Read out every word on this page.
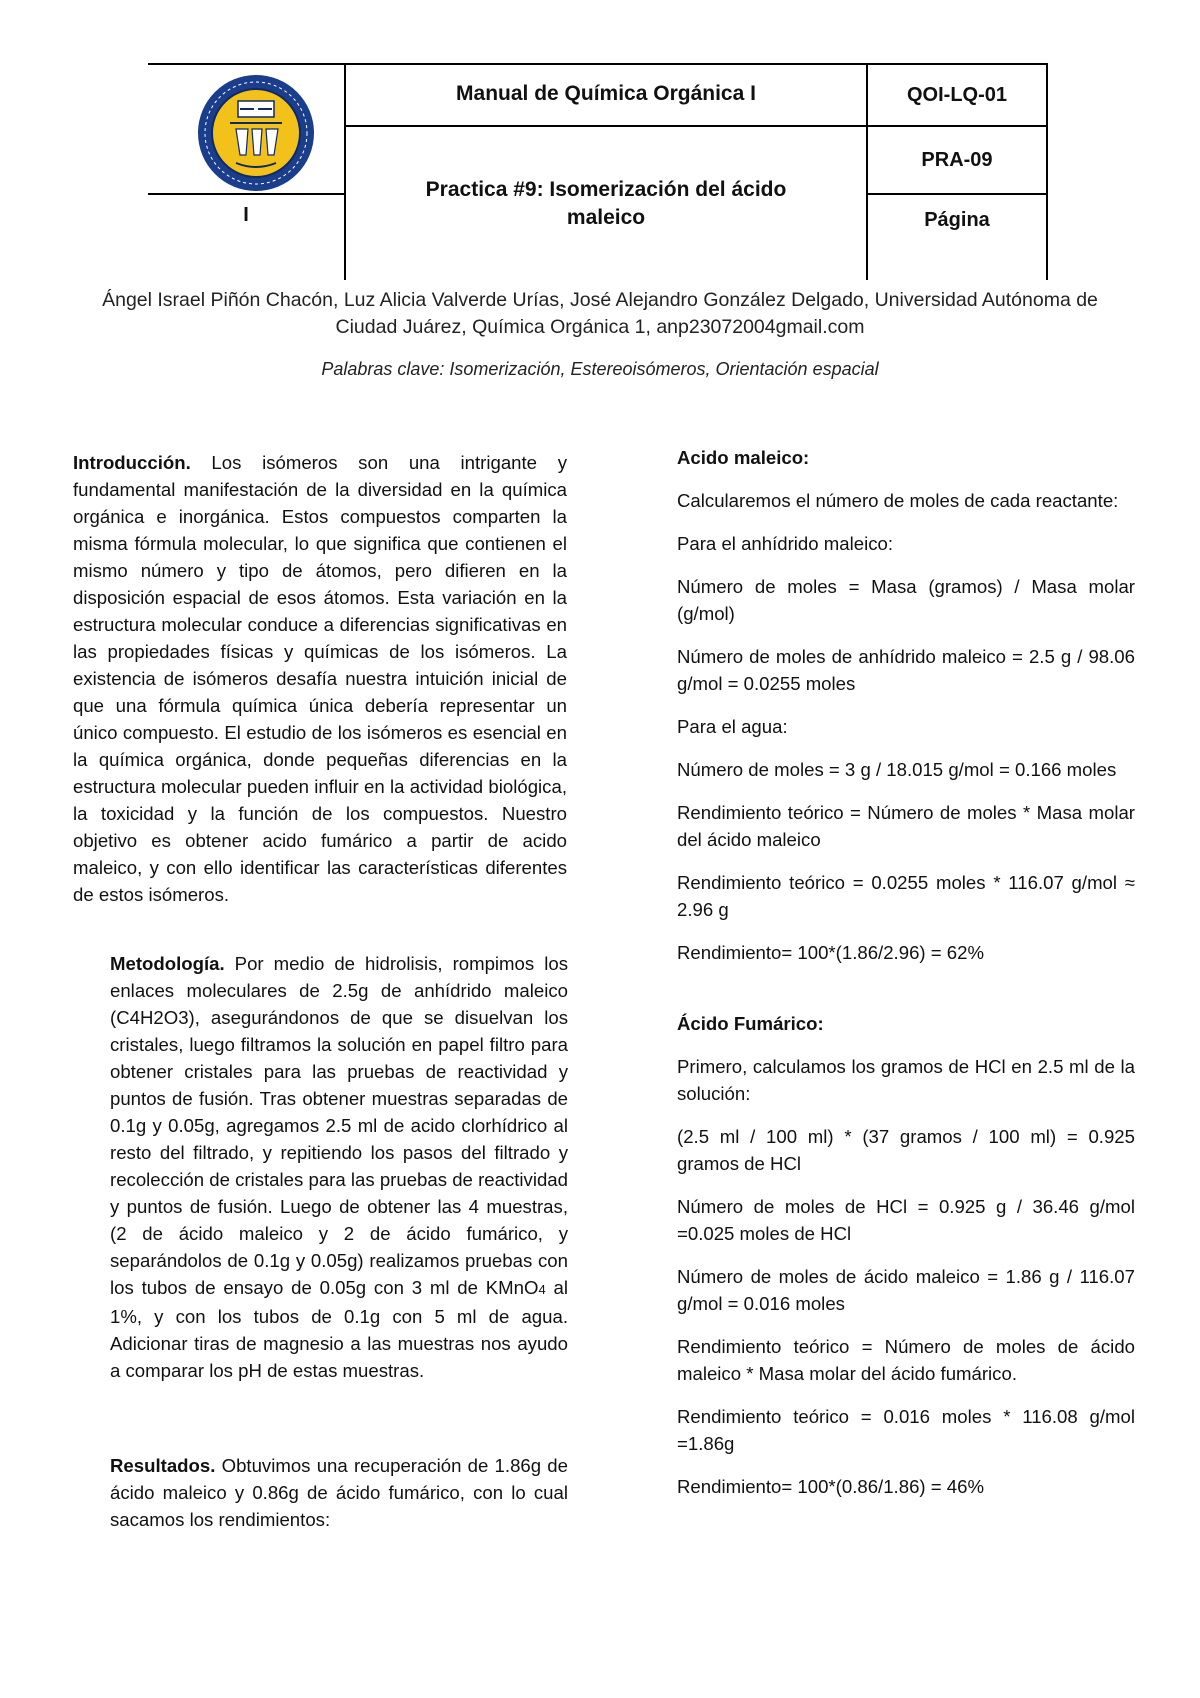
I
Manual de Química Orgánica I	QOI-LQ-01
Practica #9: Isomerización del ácido maleico
PRA-09
Página
Ángel Israel Piñón Chacón, Luz Alicia Valverde Urías, José Alejandro González Delgado, Universidad Autónoma de Ciudad Juárez, Química Orgánica 1, anp23072004gmail.com
Palabras clave: Isomerización, Estereoisómeros, Orientación espacial

Introducción. Los isómeros son una intrigante y fundamental manifestación de la diversidad en la química orgánica e inorgánica. Estos compuestos comparten la misma fórmula molecular, lo que significa que contienen el mismo número y tipo de átomos, pero difieren en la disposición espacial de esos átomos. Esta variación en la estructura molecular conduce a diferencias significativas en las propiedades físicas y químicas de los isómeros. La existencia de isómeros desafía nuestra intuición inicial de que una fórmula química única debería representar un único compuesto. El estudio de los isómeros es esencial en la química orgánica, donde pequeñas diferencias en la estructura molecular pueden influir en la actividad biológica, la toxicidad y la función de los compuestos. Nuestro objetivo es obtener acido fumárico a partir de acido maleico, y con ello identificar las características diferentes de estos isómeros.

Metodología. Por medio de hidrolisis, rompimos los enlaces moleculares de 2.5g de anhídrido maleico (C4H2O3), asegurándonos de que se disuelvan los cristales, luego filtramos la solución en papel filtro para obtener cristales para las pruebas de reactividad y puntos de fusión. Tras obtener muestras separadas de 0.1g y 0.05g, agregamos 2.5 ml de acido clorhídrico al resto del filtrado, y repitiendo los pasos del filtrado y recolección de cristales para las pruebas de reactividad y puntos de fusión. Luego de obtener las 4 muestras, (2 de ácido maleico y 2 de ácido fumárico, y separándolos de 0.1g y 0.05g) realizamos pruebas con los tubos de ensayo de 0.05g con 3 ml de KMnO4 al 1%, y con los tubos de 0.1g con 5 ml de agua. Adicionar tiras de magnesio a las muestras nos ayudo a comparar los pH de estas muestras.

Resultados. Obtuvimos una recuperación de 1.86g de ácido maleico y 0.86g de ácido fumárico, con lo cual sacamos los rendimientos:

Acido maleico:

Calcularemos el número de moles de cada reactante:

Para el anhídrido maleico:

Número de moles = Masa (gramos) / Masa molar (g/mol)

Número de moles de anhídrido maleico = 2.5 g / 98.06 g/mol = 0.0255 moles

Para el agua:

Número de moles = 3 g / 18.015 g/mol = 0.166 moles

Rendimiento teórico = Número de moles * Masa molar del ácido maleico

Rendimiento teórico = 0.0255 moles * 116.07 g/mol ≈ 2.96 g

Rendimiento= 100*(1.86/2.96) = 62%

Ácido Fumárico:

Primero, calculamos los gramos de HCl en 2.5 ml de la solución:

(2.5 ml / 100 ml) * (37 gramos / 100 ml) = 0.925 gramos de HCl

Número de moles de HCl = 0.925 g / 36.46 g/mol =0.025 moles de HCl

Número de moles de ácido maleico = 1.86 g / 116.07 g/mol = 0.016 moles

Rendimiento teórico = Número de moles de ácido maleico * Masa molar del ácido fumárico.

Rendimiento teórico = 0.016 moles * 116.08 g/mol =1.86g

Rendimiento= 100*(0.86/1.86) = 46%
